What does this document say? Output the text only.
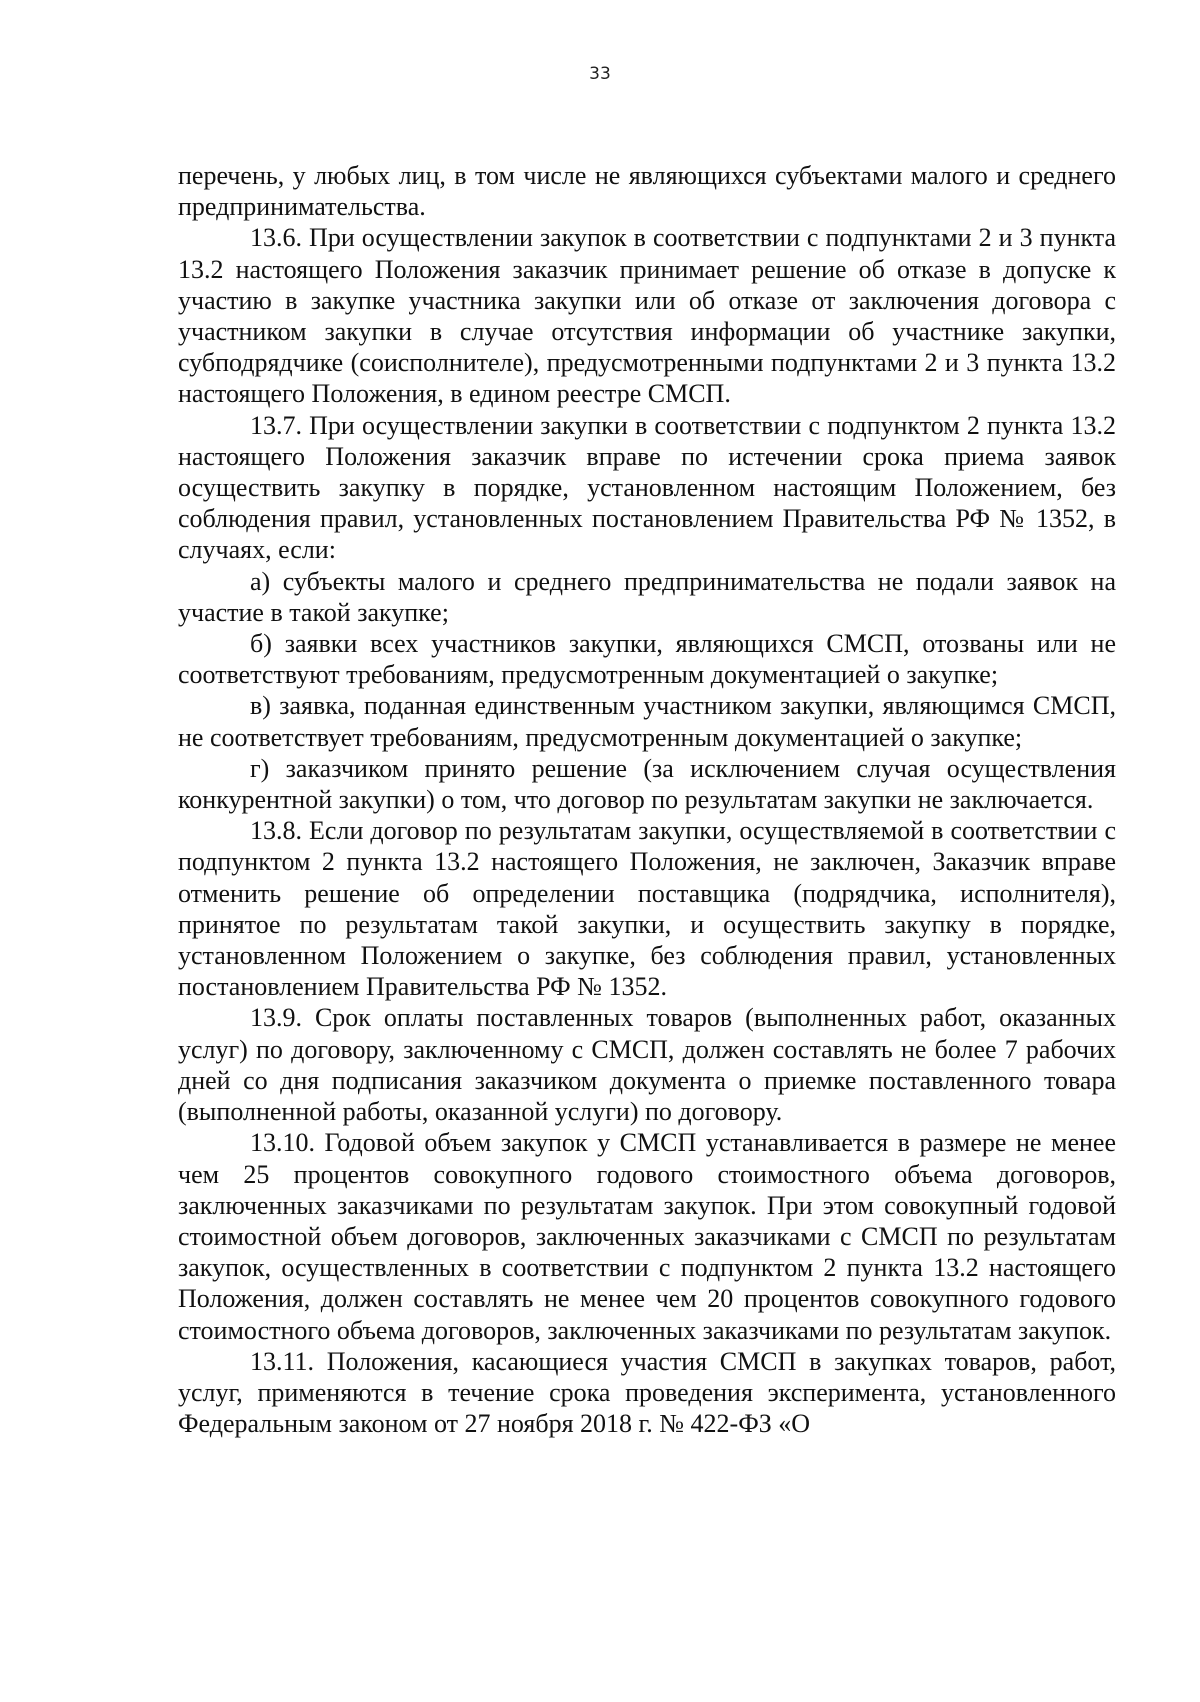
33

перечень, у любых лиц, в том числе не являющихся субъектами малого и среднего предпринимательства.

13.6. При осуществлении закупок в соответствии с подпунктами 2 и 3 пункта 13.2 настоящего Положения заказчик принимает решение об отказе в допуске к участию в закупке участника закупки или об отказе от заключения договора с участником закупки в случае отсутствия информации об участнике закупки, субподрядчике (соисполнителе), предусмотренными подпунктами 2 и 3 пункта 13.2 настоящего Положения, в едином реестре СМСП.

13.7. При осуществлении закупки в соответствии с подпунктом 2 пункта 13.2 настоящего Положения заказчик вправе по истечении срока приема заявок осуществить закупку в порядке, установленном настоящим Положением, без соблюдения правил, установленных постановлением Правительства РФ № 1352, в случаях, если:

а) субъекты малого и среднего предпринимательства не подали заявок на участие в такой закупке;

б) заявки всех участников закупки, являющихся СМСП, отозваны или не соответствуют требованиям, предусмотренным документацией о закупке;

в) заявка, поданная единственным участником закупки, являющимся СМСП, не соответствует требованиям, предусмотренным документацией о закупке;

г) заказчиком принято решение (за исключением случая осуществления конкурентной закупки) о том, что договор по результатам закупки не заключается.

13.8. Если договор по результатам закупки, осуществляемой в соответствии с подпунктом 2 пункта 13.2 настоящего Положения, не заключен, Заказчик вправе отменить решение об определении поставщика (подрядчика, исполнителя), принятое по результатам такой закупки, и осуществить закупку в порядке, установленном Положением о закупке, без соблюдения правил, установленных постановлением Правительства РФ № 1352.

13.9. Срок оплаты поставленных товаров (выполненных работ, оказанных услуг) по договору, заключенному с СМСП, должен составлять не более 7 рабочих дней со дня подписания заказчиком документа о приемке поставленного товара (выполненной работы, оказанной услуги) по договору.

13.10. Годовой объем закупок у СМСП устанавливается в размере не менее чем 25 процентов совокупного годового стоимостного объема договоров, заключенных заказчиками по результатам закупок. При этом совокупный годовой стоимостной объем договоров, заключенных заказчиками с СМСП по результатам закупок, осуществленных в соответствии с подпунктом 2 пункта 13.2 настоящего Положения, должен составлять не менее чем 20 процентов совокупного годового стоимостного объема договоров, заключенных заказчиками по результатам закупок.

13.11. Положения, касающиеся участия СМСП в закупках товаров, работ, услуг, применяются в течение срока проведения эксперимента, установленного Федеральным законом от 27 ноября 2018 г. № 422-ФЗ «О
